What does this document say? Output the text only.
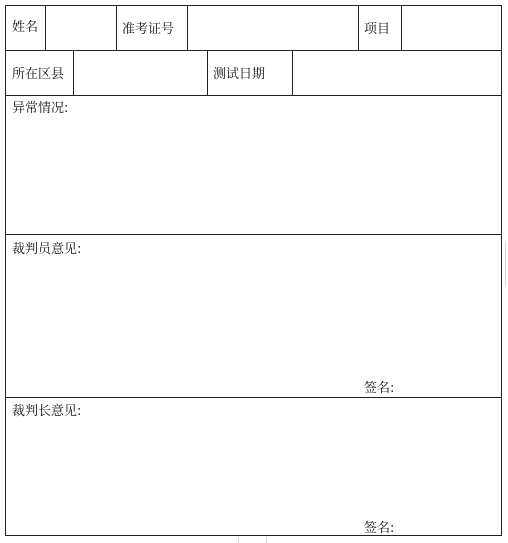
姓名	准考证号	项目
所在区县	测试日期
异常情况:
裁判员意见:
签名:
裁判长意见:
签名:
